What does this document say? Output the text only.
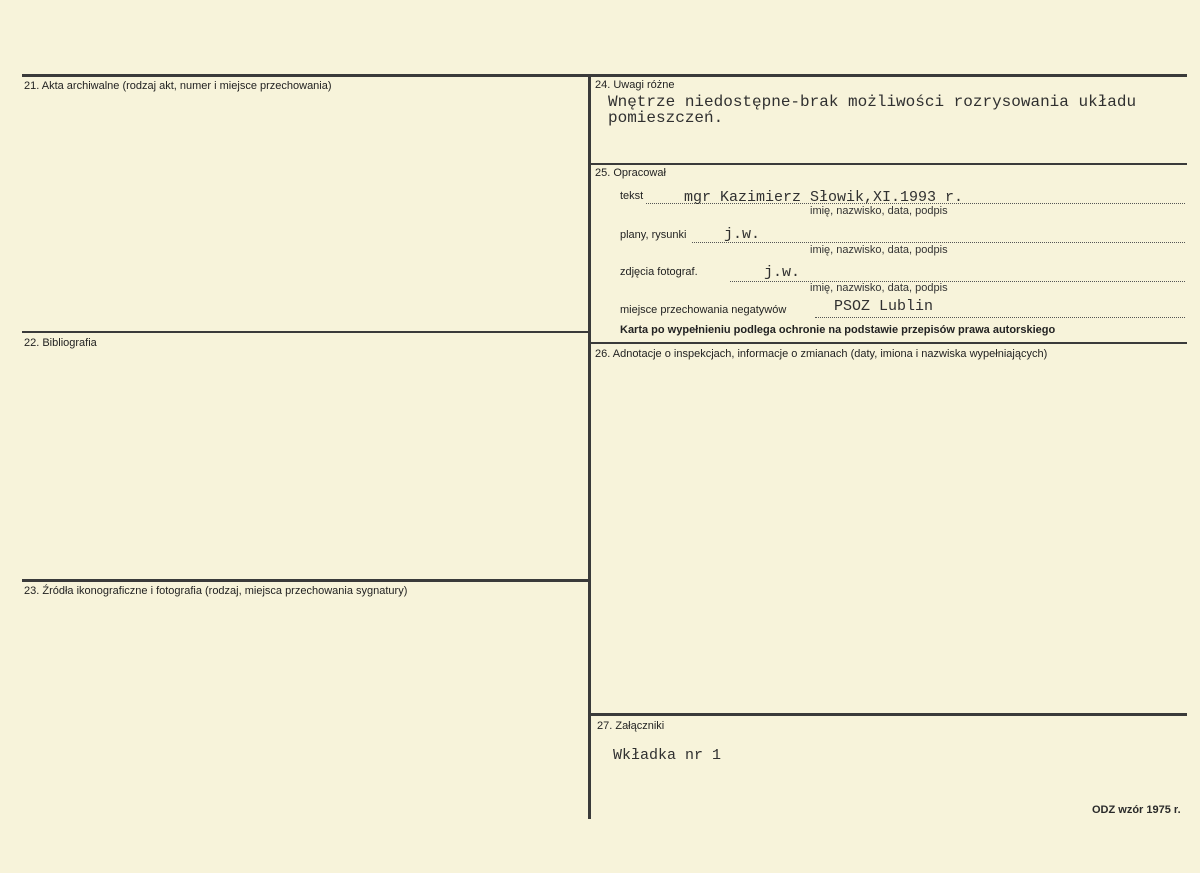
21. Akta archiwalne (rodzaj akt, numer i miejsce przechowania)
22. Bibliografia
23. Źródła ikonograficzne i fotografia (rodzaj, miejsca przechowania sygnatury)
24. Uwagi różne
Wnętrze niedostępne-brak możliwości rozrysowania układu
pomieszczeń.
25. Opracował
tekst	mgr Kazimierz Słowik,XI.1993 r.
imię, nazwisko, data, podpis
plany, rysunki	j.w.
imię, nazwisko, data, podpis
zdjęcia fotograf.	j.w.
imię, nazwisko, data, podpis
miejsce przechowania negatywów	PSOZ Lublin
Karta po wypełnieniu podlega ochronie na podstawie przepisów prawa autorskiego
26. Adnotacje o inspekcjach, informacje o zmianach (daty, imiona i nazwiska wypełniających)
27. Załączniki
Wkładka nr 1
ODZ wzór 1975 r.
